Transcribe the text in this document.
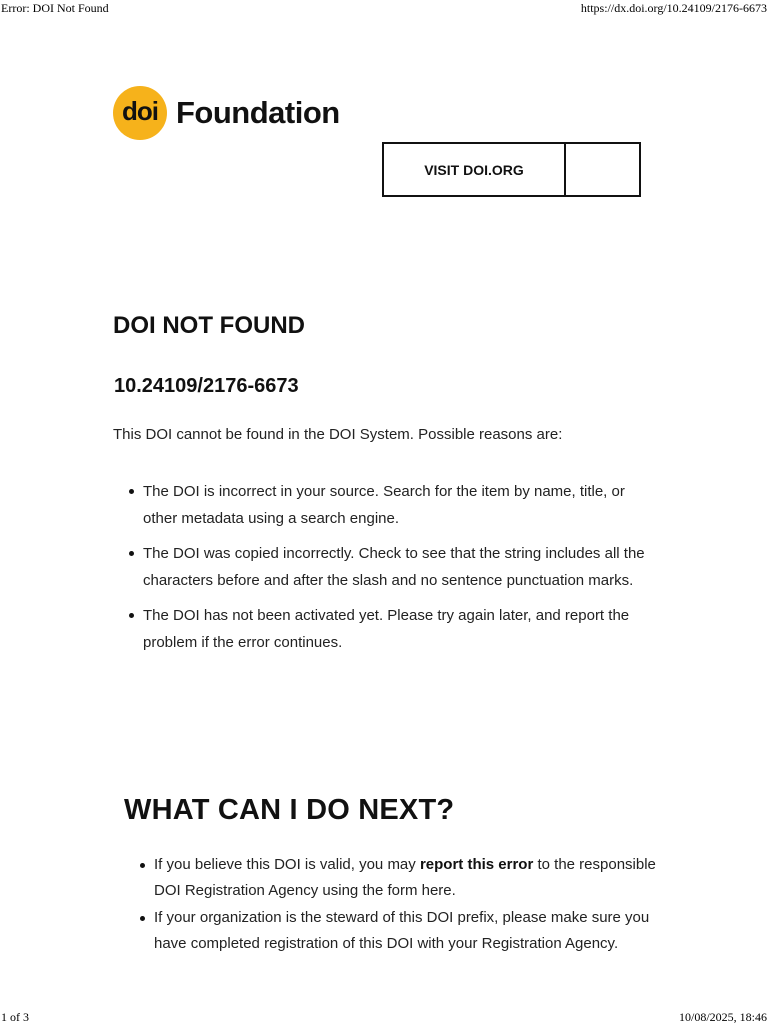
Error: DOI Not Found	https://dx.doi.org/10.24109/2176-6673
doi Foundation
VISIT DOI.ORG
DOI NOT FOUND
10.24109/2176-6673

This DOI cannot be found in the DOI System. Possible reasons are:

The DOI is incorrect in your source. Search for the item by name, title, or other metadata using a search engine.
The DOI was copied incorrectly. Check to see that the string includes all the characters before and after the slash and no sentence punctuation marks.
The DOI has not been activated yet. Please try again later, and report the problem if the error continues.
WHAT CAN I DO NEXT?
If you believe this DOI is valid, you may report this error to the responsible DOI Registration Agency using the form here.
If your organization is the steward of this DOI prefix, please make sure you have completed registration of this DOI with your Registration Agency.
1 of 3	10/08/2025, 18:46
